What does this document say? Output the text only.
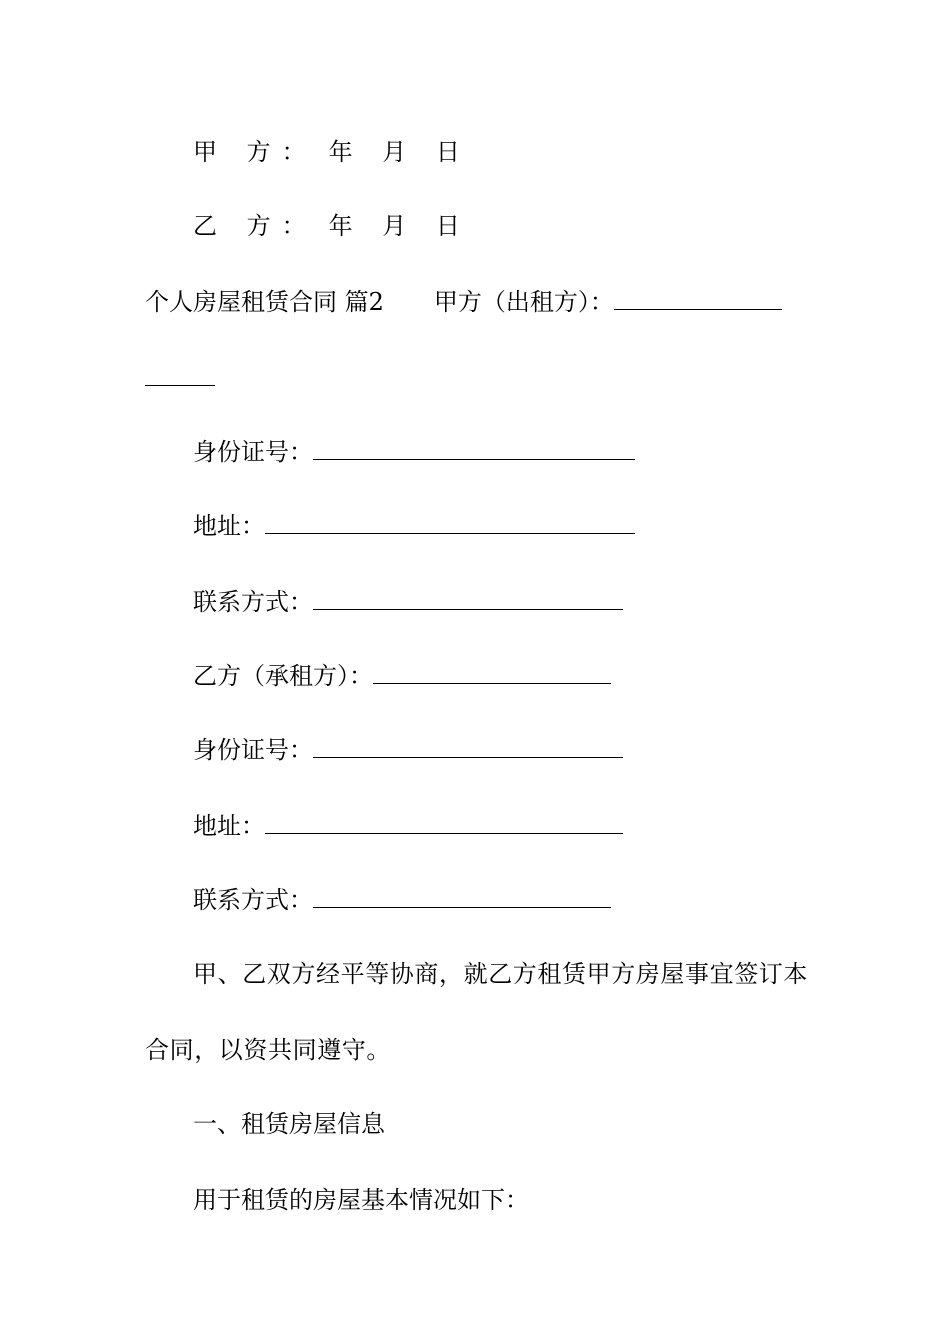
甲 方： 年 月 日
乙 方： 年 月 日
个人房屋租赁合同 篇2 甲方（出租方）：
身份证号：
地址：
联系方式：
乙方（承租方）：
身份证号：
地址：
联系方式：
甲、乙双方经平等协商，就乙方租赁甲方房屋事宜签订本
合同，以资共同遵守。
一、租赁房屋信息
用于租赁的房屋基本情况如下：
